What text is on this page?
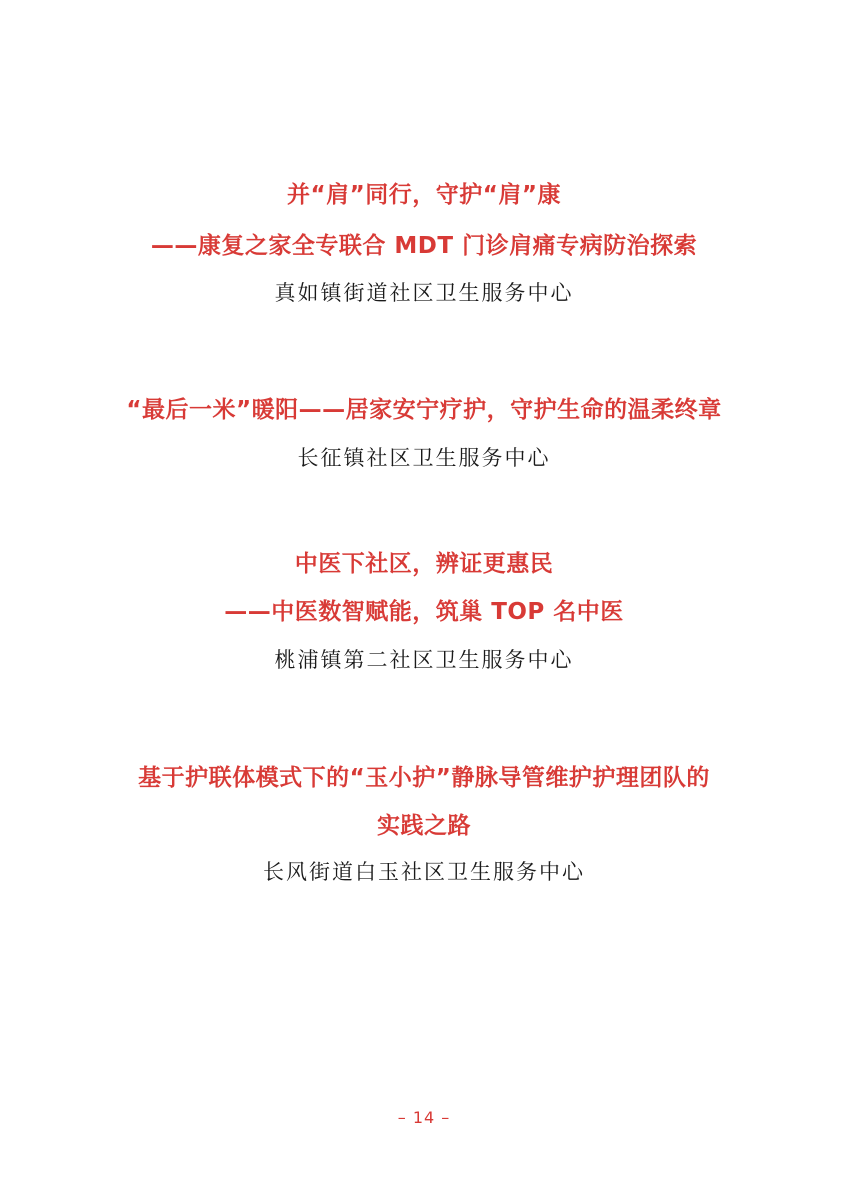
并“肩”同行，守护“肩”康
——康复之家全专联合 MDT 门诊肩痛专病防治探索
真如镇街道社区卫生服务中心
“最后一米”暖阳——居家安宁疗护，守护生命的温柔终章
长征镇社区卫生服务中心
中医下社区，辨证更惠民
——中医数智赋能，筑巢 TOP 名中医
桃浦镇第二社区卫生服务中心
基于护联体模式下的“玉小护”静脉导管维护护理团队的
实践之路
长风街道白玉社区卫生服务中心
– 14 –
